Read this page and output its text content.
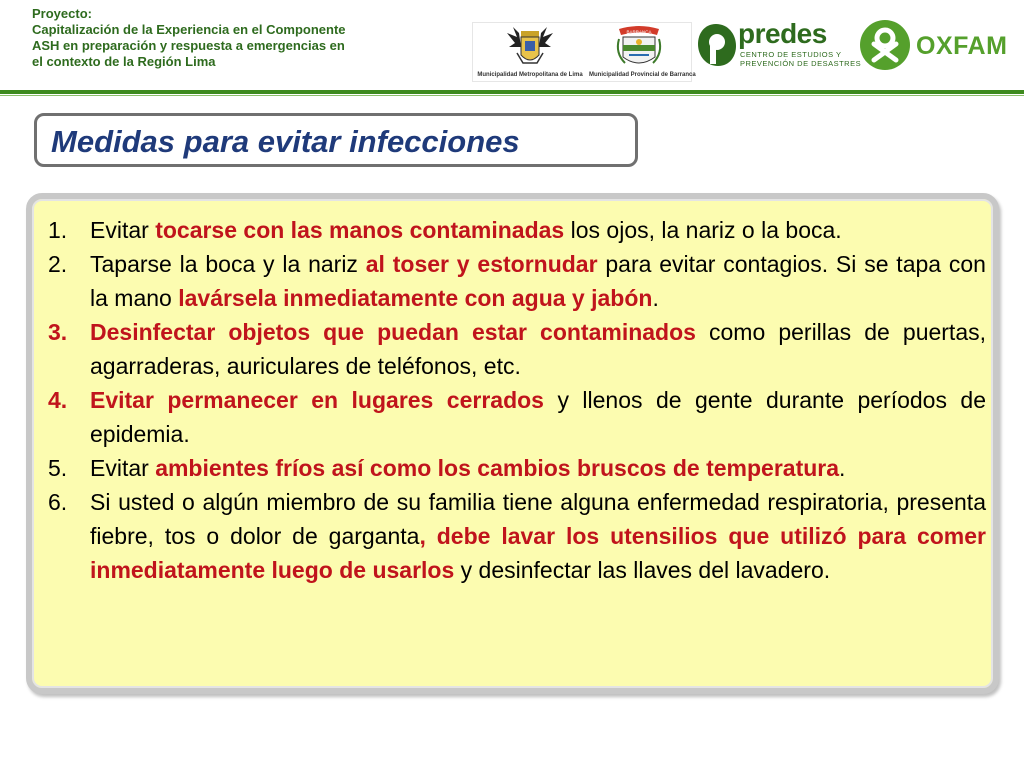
Proyecto:
Capitalización de la Experiencia en el Componente
ASH en preparación y respuesta a emergencias en
el contexto de la Región Lima
Municipalidad Metropolitana de Lima
BARRANCA
Municipalidad Provincial de Barranca
predes
CENTRO DE ESTUDIOS Y
PREVENCIÓN DE DESASTRES
OXFAM
Medidas para evitar infecciones
1. Evitar tocarse con las manos contaminadas los ojos, la nariz o la boca.
2. Taparse la boca y la nariz al toser y estornudar para evitar contagios. Si se tapa con la mano lavársela inmediatamente con agua y jabón.
3. Desinfectar objetos que puedan estar contaminados como perillas de puertas, agarraderas, auriculares de teléfonos, etc.
4. Evitar permanecer en lugares cerrados y llenos de gente durante períodos de epidemia.
5. Evitar ambientes fríos así como los cambios bruscos de temperatura.
6. Si usted o algún miembro de su familia tiene alguna enfermedad respiratoria, presenta fiebre, tos o dolor de garganta, debe lavar los utensilios que utilizó para comer inmediatamente luego de usarlos y desinfectar las llaves del lavadero.
